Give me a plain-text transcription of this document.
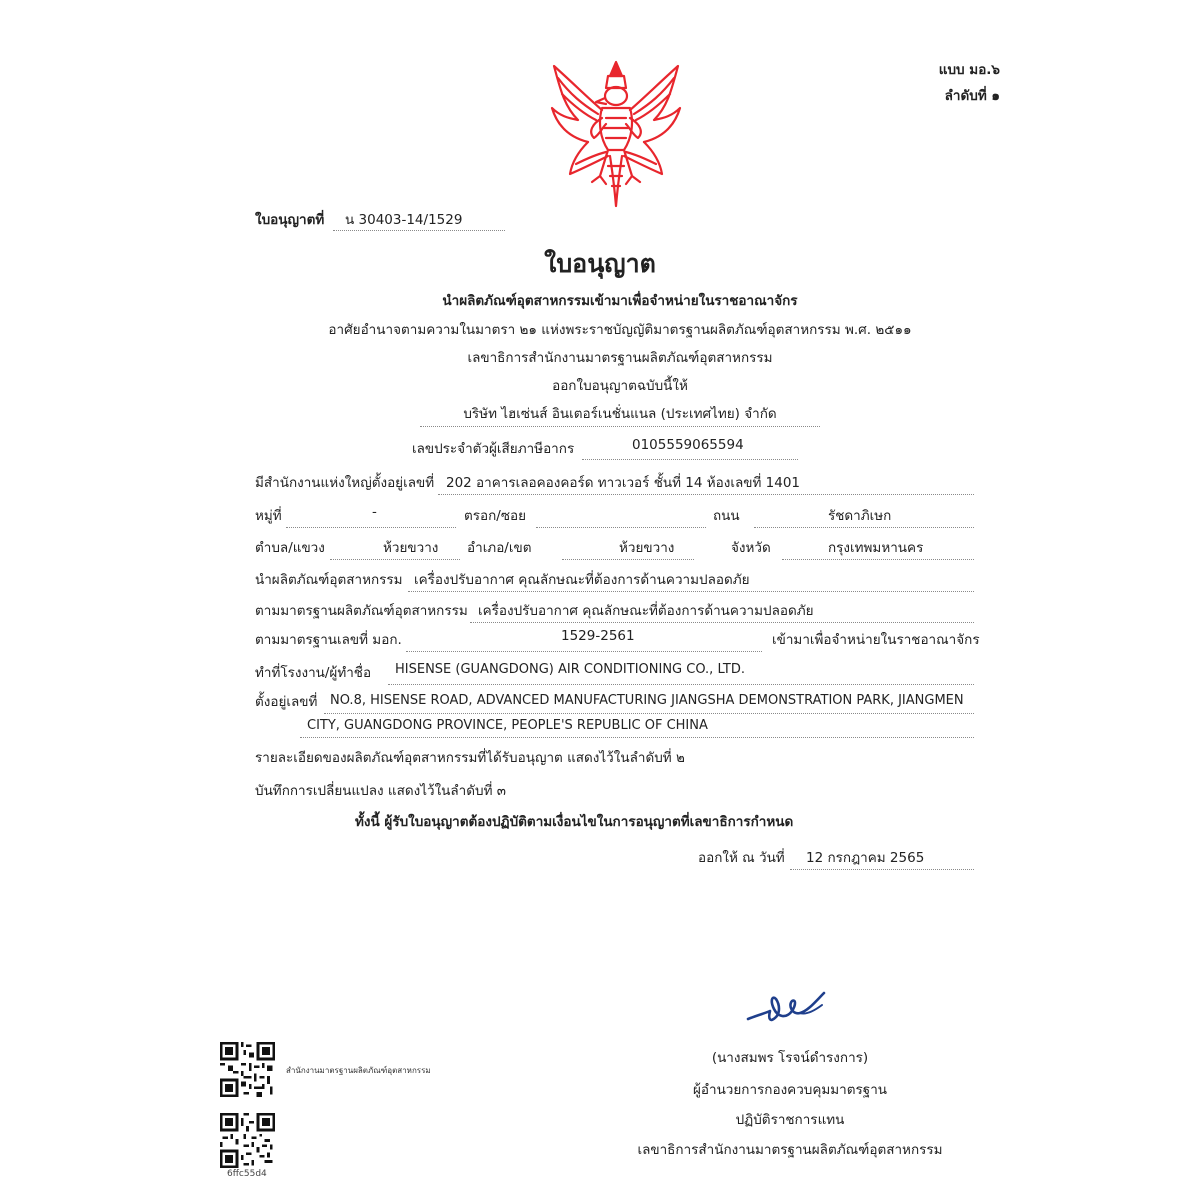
แบบ มอ.๖
ลำดับที่ ๑
ใบอนุญาตที่ น 30403-14/1529
ใบอนุญาต
นำผลิตภัณฑ์อุตสาหกรรมเข้ามาเพื่อจำหน่ายในราชอาณาจักร
อาศัยอำนาจตามความในมาตรา ๒๑ แห่งพระราชบัญญัติมาตรฐานผลิตภัณฑ์อุตสาหกรรม พ.ศ. ๒๕๑๑
เลขาธิการสำนักงานมาตรฐานผลิตภัณฑ์อุตสาหกรรม
ออกใบอนุญาตฉบับนี้ให้
บริษัท ไฮเซ่นส์ อินเตอร์เนชั่นแนล (ประเทศไทย) จำกัด
เลขประจำตัวผู้เสียภาษีอากร	0105559065594
มีสำนักงานแห่งใหญ่ตั้งอยู่เลขที่ 202 อาคารเลอคองคอร์ด ทาวเวอร์ ชั้นที่ 14 ห้องเลขที่ 1401
หมู่ที่	-	ตรอก/ซอย	ถนน	รัชดาภิเษก
ตำบล/แขวง	ห้วยขวาง อำเภอ/เขต	ห้วยขวาง	จังหวัด	กรุงเทพมหานคร
นำผลิตภัณฑ์อุตสาหกรรม เครื่องปรับอากาศ คุณลักษณะที่ต้องการด้านความปลอดภัย
ตามมาตรฐานผลิตภัณฑ์อุตสาหกรรม เครื่องปรับอากาศ คุณลักษณะที่ต้องการด้านความปลอดภัย
ตามมาตรฐานเลขที่ มอก.	1529-2561	เข้ามาเพื่อจำหน่ายในราชอาณาจักร
ทำที่โรงงาน/ผู้ทำชื่อ HISENSE (GUANGDONG) AIR CONDITIONING CO., LTD.
ตั้งอยู่เลขที่ NO.8, HISENSE ROAD, ADVANCED MANUFACTURING JIANGSHA DEMONSTRATION PARK, JIANGMEN
CITY, GUANGDONG PROVINCE, PEOPLE'S REPUBLIC OF CHINA
รายละเอียดของผลิตภัณฑ์อุตสาหกรรมที่ได้รับอนุญาต แสดงไว้ในลำดับที่ ๒
บันทึกการเปลี่ยนแปลง แสดงไว้ในลำดับที่ ๓
ทั้งนี้ ผู้รับใบอนุญาตต้องปฏิบัติตามเงื่อนไขในการอนุญาตที่เลขาธิการกำหนด
ออกให้ ณ วันที่ 12 กรกฎาคม 2565
(นางสมพร โรจน์ดำรงการ)
ผู้อำนวยการกองควบคุมมาตรฐาน
ปฏิบัติราชการแทน
เลขาธิการสำนักงานมาตรฐานผลิตภัณฑ์อุตสาหกรรม
สำนักงานมาตรฐานผลิตภัณฑ์อุตสาหกรรม
6ffc55d4
